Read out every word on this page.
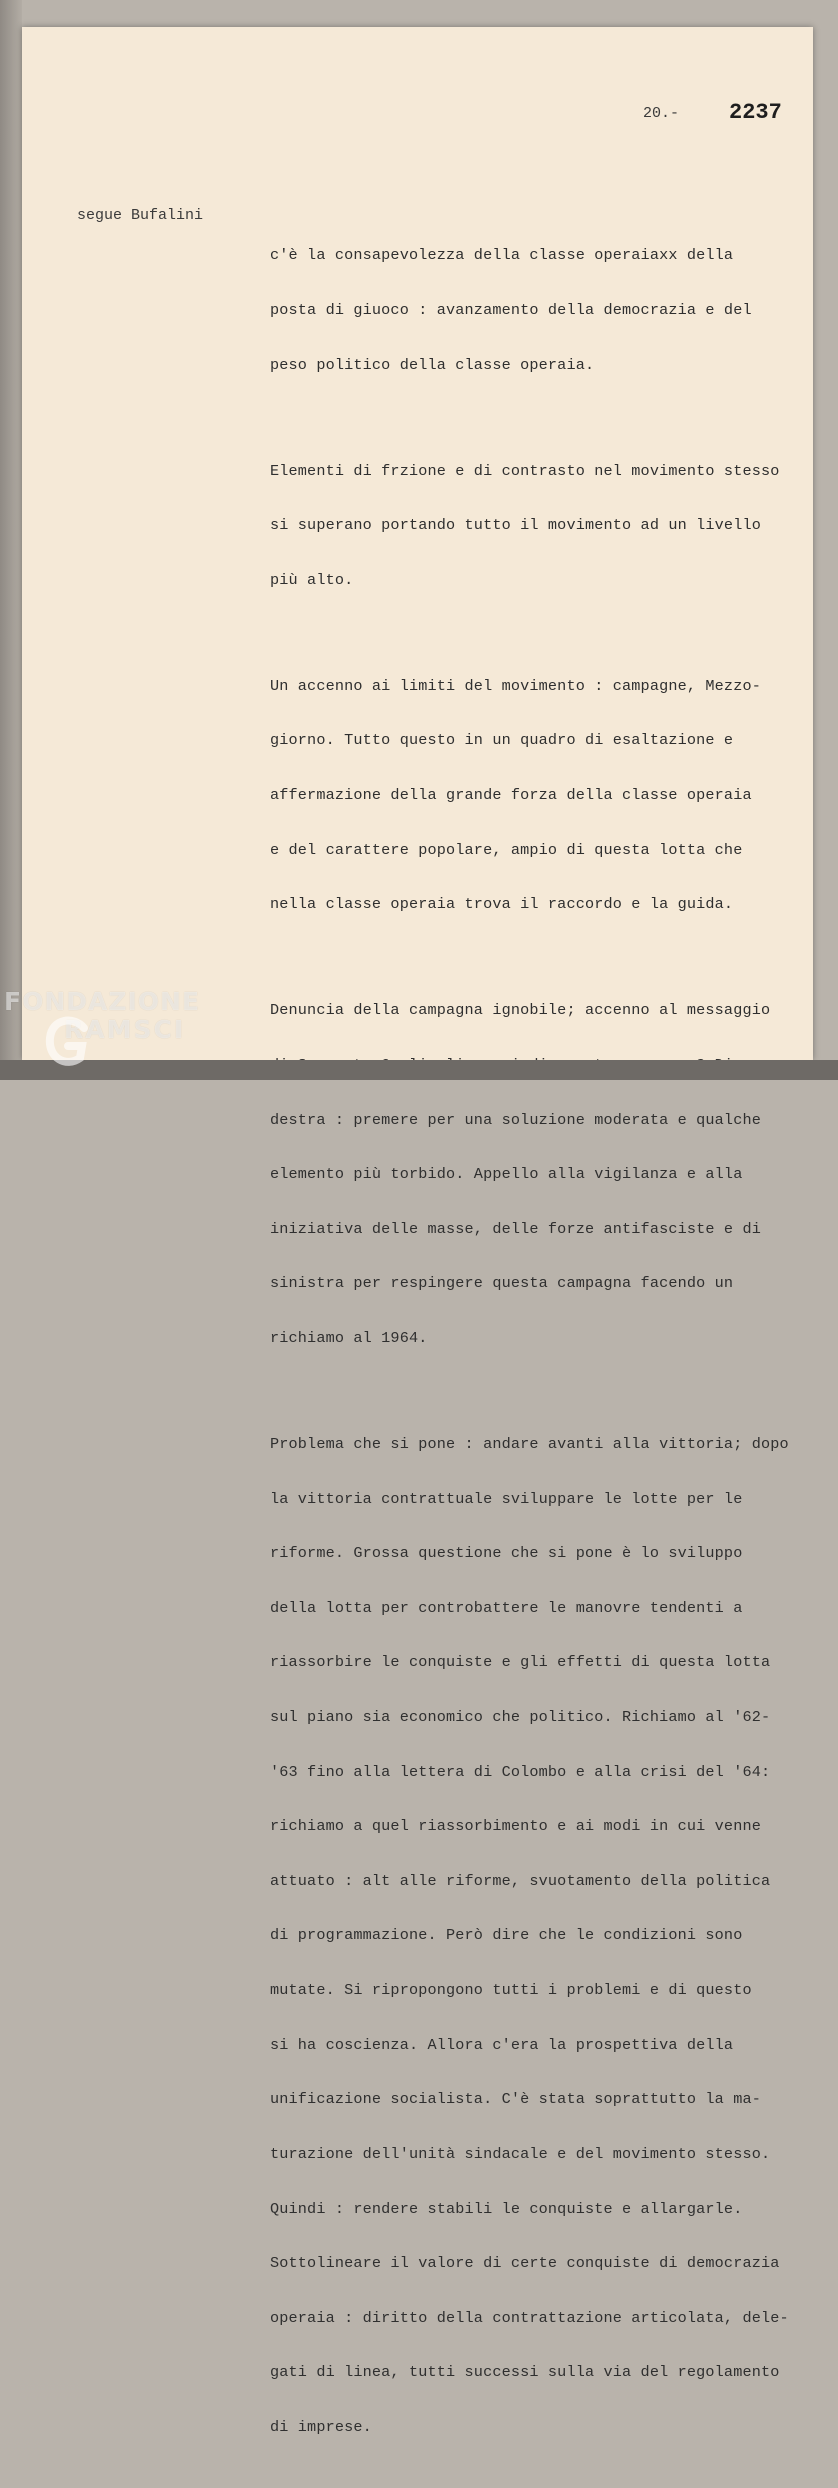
20.- 2237
segue Bufalini

c'è la consapevolezza della classe operaiaxx della

posta di giuoco : avanzamento della democrazia e del

peso politico della classe operaia.

Elementi di frzione e di contrasto nel movimento stesso

si superano portando tutto il movimento ad un livello

più alto.

Un accenno ai limiti del movimento : campagne, Mezzo-

giorno. Tutto questo in un quadro di esaltazione e

affermazione della grande forza della classe operaia

e del carattere popolare, ampio di questa lotta che

nella classe operaia trova il raccordo e la guida.

Denuncia della campagna ignobile; accenno al messaggio

destra : premere per una soluzione moderata e qualche

elemento più torbido. Appello alla vigilanza e alla

iniziativa delle masse, delle forze antifasciste e di

sinistra per respingere questa campagna facendo un

richiamo al 1964.

Problema che si pone : andare avanti alla vittoria; dopo

la vittoria contrattuale sviluppare le lotte per le

riforme. Grossa questione che si pone è lo sviluppo

della lotta per controbattere le manovre tendenti a

riassorbire le conquiste e gli effetti di questa lotta

sul piano sia economico che politico. Richiamo al '62-

'63 fino alla lettera di Colombo e alla crisi del '64:

richiamo a quel riassorbimento e ai modi in cui venne

attuato : alt alle riforme, svuotamento della politica

di programmazione. Però dire che le condizioni sono

mutate. Si ripropongono tutti i problemi e di questo

si ha coscienza. Allora c'era la prospettiva della

unificazione socialista. C'è stata soprattutto la ma-

turazione dell'unità sindacale e del movimento stesso.

Quindi : rendere stabili le conquiste e allargarle.

Sottolineare il valore di certe conquiste di democrazia

operaia : diritto della contrattazione articolata, dele-

gati di linea, tutti successi sulla via del regolamento

di imprese.

FONDAZIONE
RAMSCI
